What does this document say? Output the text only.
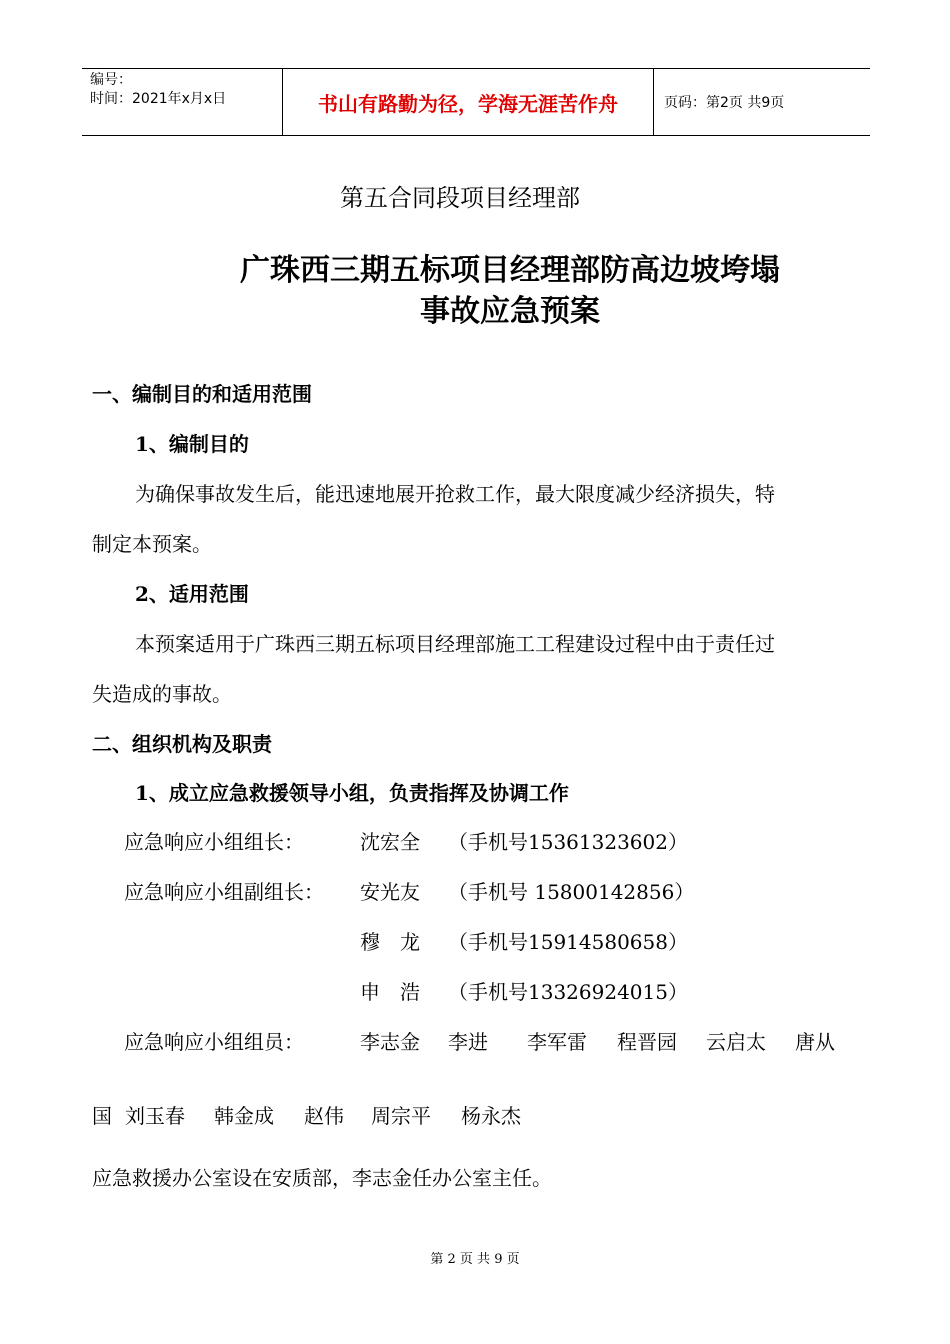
编号：
时间：2021年x月x日	书山有路勤为径，学海无涯苦作舟	页码：第2页 共9页
第五合同段项目经理部
广珠西三期五标项目经理部防高边坡垮塌
事故应急预案
一、编制目的和适用范围
1、编制目的
为确保事故发生后，能迅速地展开抢救工作，最大限度减少经济损失，特
制定本预案。
2、适用范围
本预案适用于广珠西三期五标项目经理部施工工程建设过程中由于责任过
失造成的事故。
二、组织机构及职责
1、成立应急救援领导小组，负责指挥及协调工作
应急响应小组组长：	沈宏全 （手机号15361323602）
应急响应小组副组长： 安光友 （手机号 15800142856）
穆　龙 （手机号15914580658）
申　浩 （手机号13326924015）
应急响应小组组员：	李志金 李进 李军雷 程晋园 云启太 唐从
国 刘玉春 韩金成 赵伟 周宗平 杨永杰
应急救援办公室设在安质部，李志金任办公室主任。
第 2 页 共 9 页
